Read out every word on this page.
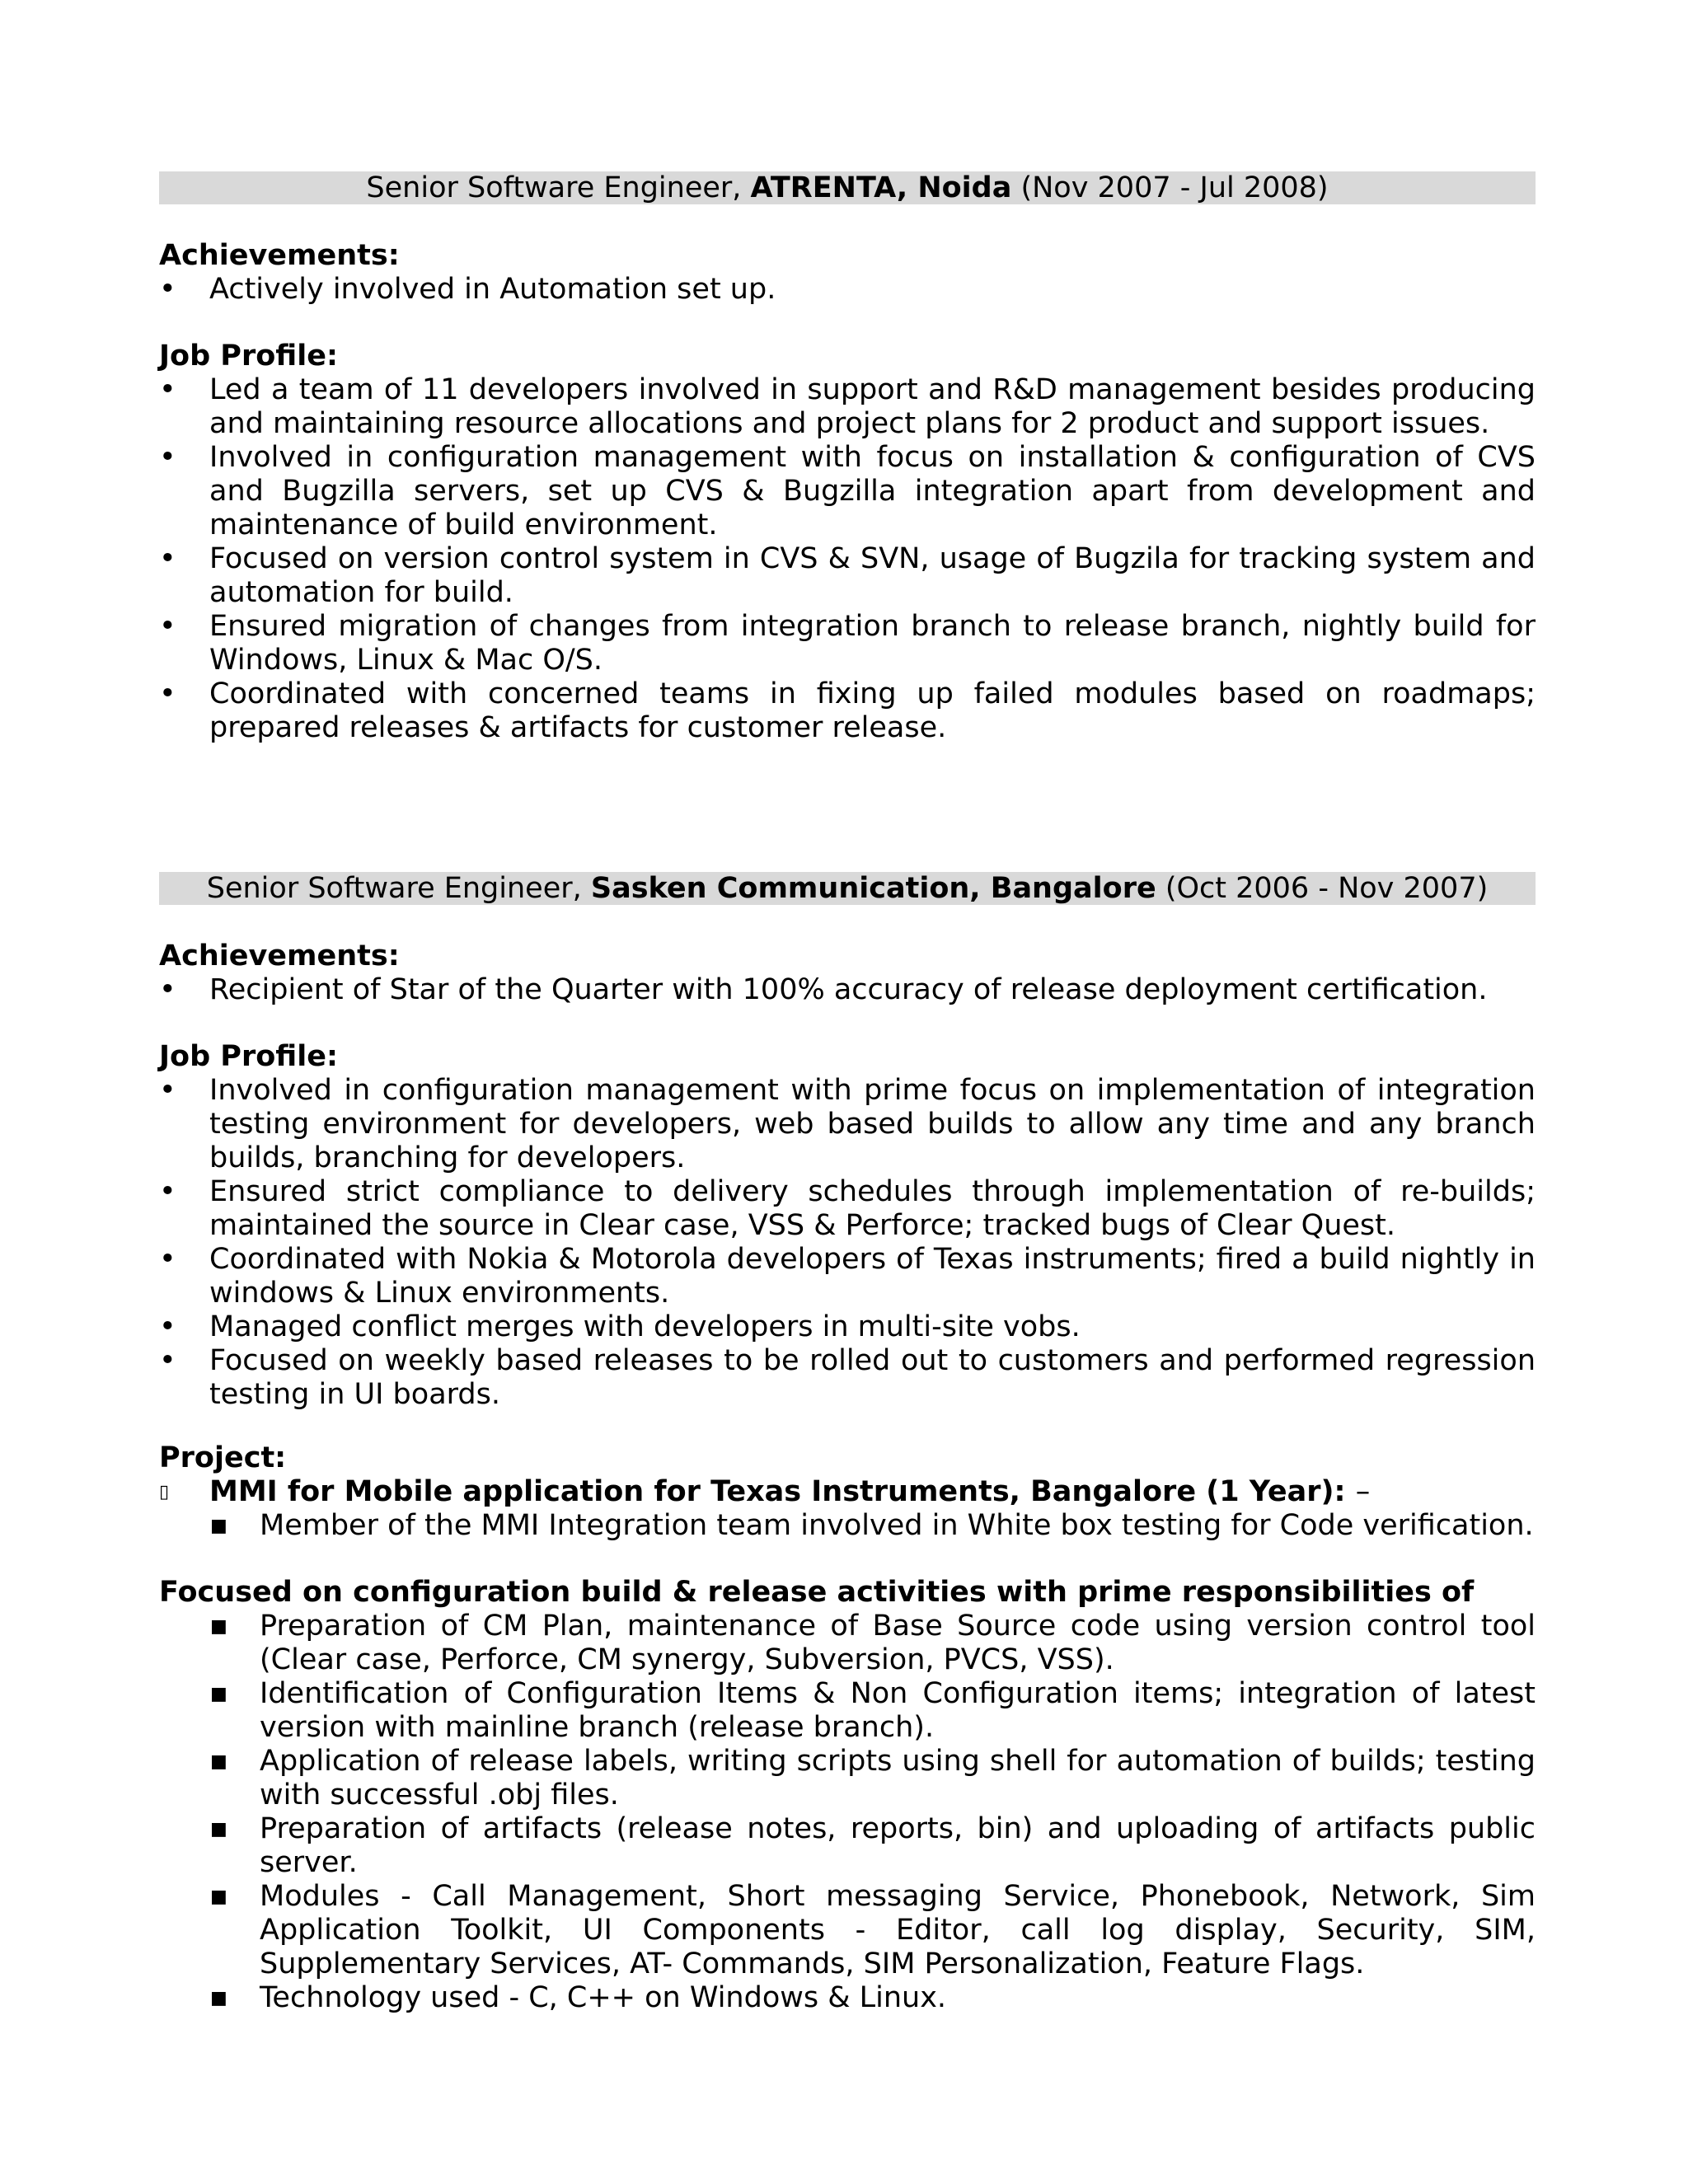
Senior Software Engineer, ATRENTA, Noida (Nov 2007 - Jul 2008)
Achievements:
• Actively involved in Automation set up.
Job Profile:
• Led a team of 11 developers involved in support and R&D management besides producing and maintaining resource allocations and project plans for 2 product and support issues.
• Involved in configuration management with focus on installation & configuration of CVS and Bugzilla servers, set up CVS & Bugzilla integration apart from development and maintenance of build environment.
• Focused on version control system in CVS & SVN, usage of Bugzila for tracking system and automation for build.
• Ensured migration of changes from integration branch to release branch, nightly build for Windows, Linux & Mac O/S.
• Coordinated with concerned teams in fixing up failed modules based on roadmaps; prepared releases & artifacts for customer release.
Senior Software Engineer, Sasken Communication, Bangalore (Oct 2006 - Nov 2007)
Achievements:
• Recipient of Star of the Quarter with 100% accuracy of release deployment certification.
Job Profile:
• Involved in configuration management with prime focus on implementation of integration testing environment for developers, web based builds to allow any time and any branch builds, branching for developers.
• Ensured strict compliance to delivery schedules through implementation of re-builds; maintained the source in Clear case, VSS & Perforce; tracked bugs of Clear Quest.
• Coordinated with Nokia & Motorola developers of Texas instruments; fired a build nightly in windows & Linux environments.
• Managed conflict merges with developers in multi-site vobs.
• Focused on weekly based releases to be rolled out to customers and performed regression testing in UI boards.
Project:
▯ MMI for Mobile application for Texas Instruments, Bangalore (1 Year): –
■ Member of the MMI Integration team involved in White box testing for Code verification.
Focused on configuration build & release activities with prime responsibilities of
■ Preparation of CM Plan, maintenance of Base Source code using version control tool (Clear case, Perforce, CM synergy, Subversion, PVCS, VSS).
■ Identification of Configuration Items & Non Configuration items; integration of latest version with mainline branch (release branch).
■ Application of release labels, writing scripts using shell for automation of builds; testing with successful .obj files.
■ Preparation of artifacts (release notes, reports, bin) and uploading of artifacts public server.
■ Modules - Call Management, Short messaging Service, Phonebook, Network, Sim Application Toolkit, UI Components - Editor, call log display, Security, SIM, Supplementary Services, AT- Commands, SIM Personalization, Feature Flags.
■ Technology used - C, C++ on Windows & Linux.
